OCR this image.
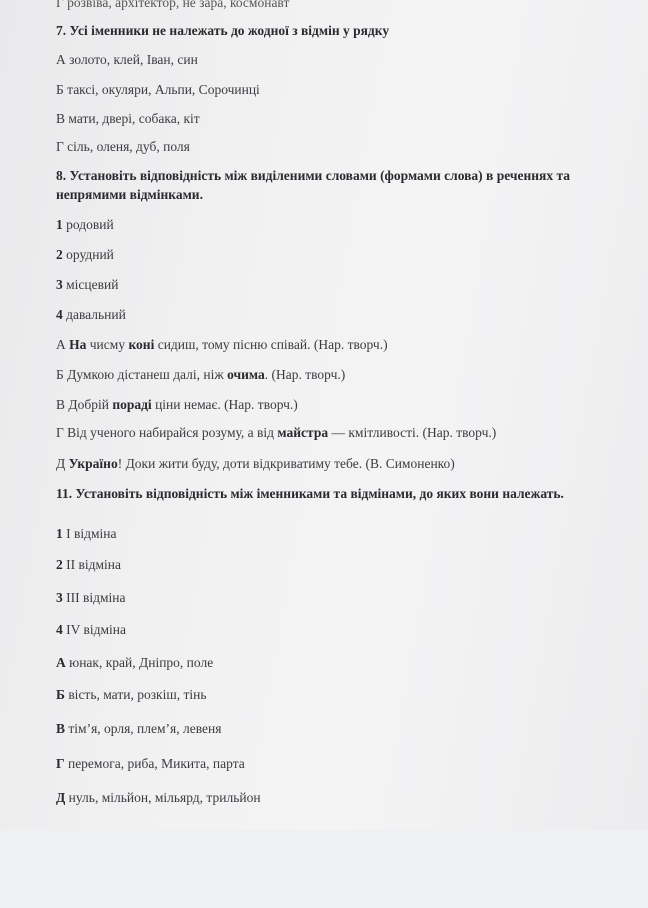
Г розвіва, архітектор, не зара, космонавт
7. Усі іменники не належать до жодної з відмін у рядку
А золото, клей, Іван, син
Б таксі, окуляри, Альпи, Сорочинці
В мати, двері, собака, кіт
Г сіль, оленя, дуб, поля
8. Установіть відповідність між виділеними словами (формами слова) в реченнях та
непрямими відмінками.
1 родовий
2 орудний
3 місцевий
4 давальний
А На чисму коні сидиш, тому пісню співай. (Нар. творч.)
Б Думкою дістанеш далі, ніж очима. (Нар. творч.)
В Добрій пораді ціни немає. (Нар. творч.)
Г Від ученого набирайся розуму, а від майстра — кмітливості. (Нар. творч.)
Д Україно! Доки жити буду, доти відкриватиму тебе. (В. Симоненко)
11. Установіть відповідність між іменниками та відмінами, до яких вони належать.
1 I відміна
2 II відміна
3 III відміна
4 IV відміна
А юнак, край, Дніпро, поле
Б вість, мати, розкіш, тінь
В тім’я, орля, плем’я, левеня
Г перемога, риба, Микита, парта
Д нуль, мільйон, мільярд, трильйон
